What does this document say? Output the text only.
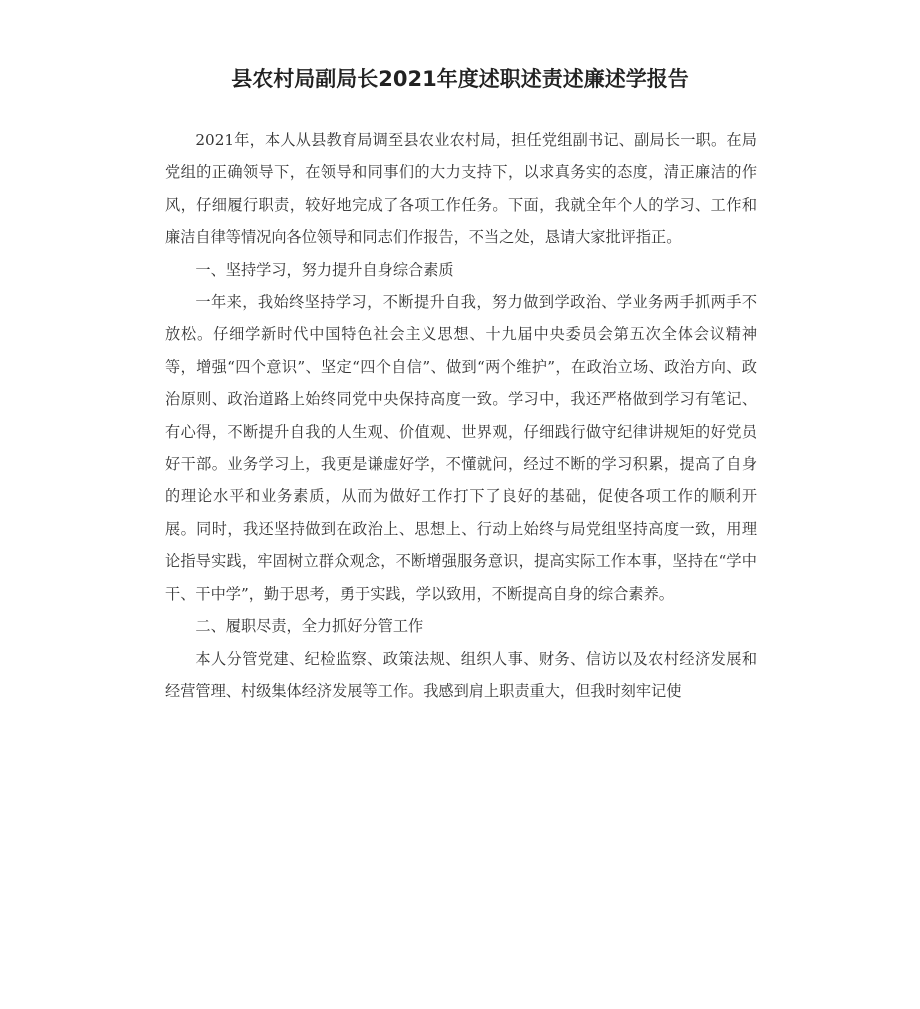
县农村局副局长2021年度述职述责述廉述学报告

2021年，本人从县教育局调至县农业农村局，担任党组副书记、副局长一职。在局党组的正确领导下，在领导和同事们的大力支持下，以求真务实的态度，清正廉洁的作风，仔细履行职责，较好地完成了各项工作任务。下面，我就全年个人的学习、工作和廉洁自律等情况向各位领导和同志们作报告，不当之处，恳请大家批评指正。

一、坚持学习，努力提升自身综合素质

一年来，我始终坚持学习，不断提升自我，努力做到学政治、学业务两手抓两手不放松。仔细学新时代中国特色社会主义思想、十九届中央委员会第五次全体会议精神等，增强“四个意识”、坚定“四个自信”、做到“两个维护”，在政治立场、政治方向、政治原则、政治道路上始终同党中央保持高度一致。学习中，我还严格做到学习有笔记、有心得，不断提升自我的人生观、价值观、世界观，仔细践行做守纪律讲规矩的好党员好干部。业务学习上，我更是谦虚好学，不懂就问，经过不断的学习积累，提高了自身的理论水平和业务素质，从而为做好工作打下了良好的基础，促使各项工作的顺利开展。同时，我还坚持做到在政治上、思想上、行动上始终与局党组坚持高度一致，用理论指导实践，牢固树立群众观念，不断增强服务意识，提高实际工作本事，坚持在“学中干、干中学”，勤于思考，勇于实践，学以致用，不断提高自身的综合素养。

二、履职尽责，全力抓好分管工作

本人分管党建、纪检监察、政策法规、组织人事、财务、信访以及农村经济发展和经营管理、村级集体经济发展等工作。我感到肩上职责重大，但我时刻牢记使
